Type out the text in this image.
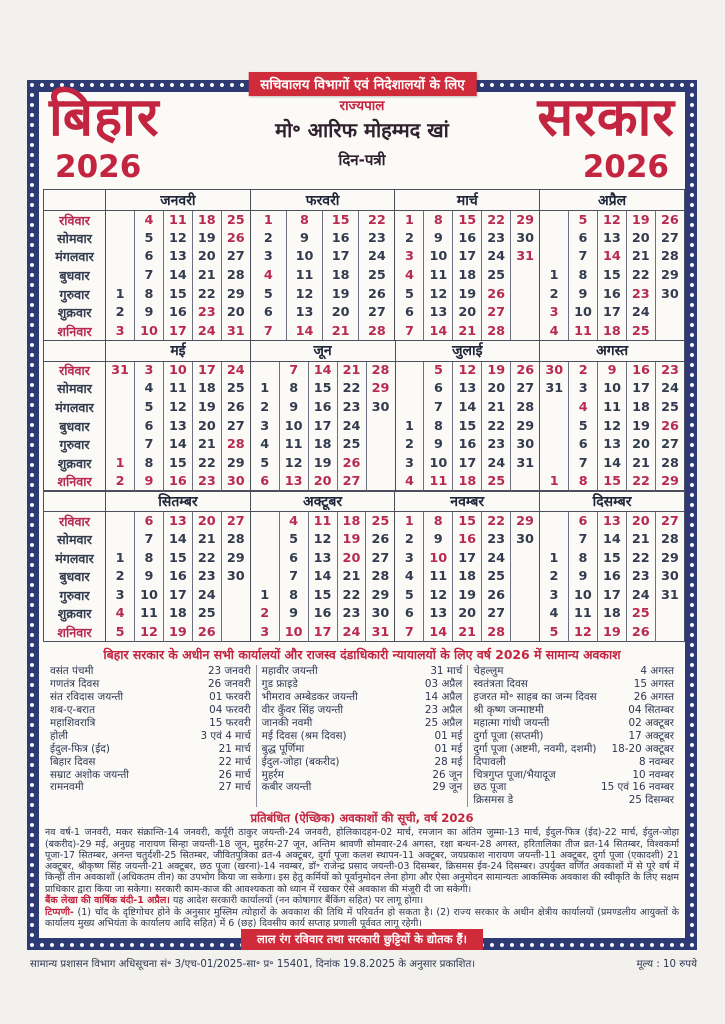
सचिवालय विभागों एवं निदेशालयों के लिए
बिहार
2026
राज्यपाल
मो॰ आरिफ मोहम्मद खां
दिन-पत्री
सरकार
2026
	जनवरी					फरवरी				मार्च					अप्रैल				
रविवार		4	11	18	25	1	8	15	22	1	8	15	22	29		5	12	19	26
सोमवार		5	12	19	26	2	9	16	23	2	9	16	23	30		6	13	20	27
मंगलवार		6	13	20	27	3	10	17	24	3	10	17	24	31		7	14	21	28
बुधवार		7	14	21	28	4	11	18	25	4	11	18	25		1	8	15	22	29
गुरुवार	1	8	15	22	29	5	12	19	26	5	12	19	26		2	9	16	23	30
शुक्रवार	2	9	16	23	20	6	13	20	27	6	13	20	27		3	10	17	24	
शनिवार	3	10	17	24	31	7	14	21	28	7	14	21	28		4	11	18	25	
	मई					जून					जुलाई					अगस्त				
रविवार	31	3	10	17	24		7	14	21	28		5	12	19	26	30	2	9	16	23
सोमवार		4	11	18	25	1	8	15	22	29		6	13	20	27	31	3	10	17	24
मंगलवार		5	12	19	26	2	9	16	23	30		7	14	21	28		4	11	18	25
बुधवार		6	13	20	27	3	10	17	24		1	8	15	22	29		5	12	19	26
गुरुवार		7	14	21	28	4	11	18	25		2	9	16	23	30		6	13	20	27
शुक्रवार	1	8	15	22	29	5	12	19	26		3	10	17	24	31		7	14	21	28
शनिवार	2	9	16	23	30	6	13	20	27		4	11	18	25		1	8	15	22	29
	सितम्बर					अक्टूबर					नवम्बर					दिसम्बर				
रविवार		6	13	20	27		4	11	18	25	1	8	15	22	29		6	13	20	27
सोमवार		7	14	21	28		5	12	19	26	2	9	16	23	30		7	14	21	28
मंगलवार	1	8	15	22	29		6	13	20	27	3	10	17	24		1	8	15	22	29
बुधवार	2	9	16	23	30		7	14	21	28	4	11	18	25		2	9	16	23	30
गुरुवार	3	10	17	24		1	8	15	22	29	5	12	19	26		3	10	17	24	31
शुक्रवार	4	11	18	25		2	9	16	23	30	6	13	20	27		4	11	18	25	
शनिवार	5	12	19	26		3	10	17	24	31	7	14	21	28		5	12	19	26	
बिहार सरकार के अधीन सभी कार्यालयों और राजस्व दंडाधिकारी न्यायालयों के लिए वर्ष 2026 में सामान्य अवकाश
वसंत पंचमी	23 जनवरी
गणतंत्र दिवस	26 जनवरी
संत रविदास जयन्ती	01 फरवरी
शब-ए-बरात	04 फरवरी
महाशिवरात्रि	15 फरवरी
होली	3 एवं 4 मार्च
ईदुल-फित्र (ईद)	21 मार्च
बिहार दिवस	22 मार्च
सम्राट अशोक जयन्ती	26 मार्च
रामनवमी	27 मार्च
महावीर जयन्ती	31 मार्च
गुड फ्राइडे	03 अप्रैल
भीमराव अम्बेडकर जयन्ती	14 अप्रैल
वीर कुँवर सिंह जयन्ती	23 अप्रैल
जानकी नवमी	25 अप्रैल
मई दिवस (श्रम दिवस)	01 मई
बुद्ध पूर्णिमा	01 मई
ईदुल-जोहा (बकरीद)	28 मई
मुहर्रम	26 जून
कबीर जयन्ती	29 जून
चेहल्लुम	4 अगस्त
स्वतंत्रता दिवस	15 अगस्त
हजरत मो॰ साहब का जन्म दिवस	26 अगस्त
श्री कृष्ण जन्माष्टमी	04 सितम्बर
महात्मा गांधी जयन्ती	02 अक्टूबर
दुर्गा पूजा (सप्तमी)	17 अक्टूबर
दुर्गा पूजा (अष्टमी, नवमी, दशमी)	18-20 अक्टूबर
दिपावली	8 नवम्बर
चित्रगुप्त पूजा/भैयादूज	10 नवम्बर
छठ पूजा	15 एवं 16 नवम्बर
क्रिसमस डे	25 दिसम्बर
प्रतिबंधित (ऐच्छिक) अवकाशों की सूची, वर्ष 2026
नव वर्ष-1 जनवरी, मकर संक्रान्ति-14 जनवरी, कर्पूरी ठाकुर जयन्ती-24 जनवरी, होलिकादहन-02 मार्च, रमजान का अंतिम जुम्मा-13 मार्च, ईदुल-फित्र (ईद)-22 मार्च, ईदुल-जोहा (बकरीद)-29 मई, अनुग्रह नारायण सिन्हा जयन्ती-18 जून, मुहर्रम-27 जून, अन्तिम श्रावणी सोमवार-24 अगस्त, रक्षा बन्धन-28 अगस्त, हरितालिका तीज व्रत-14 सितम्बर, विश्वकर्मा पूजा-17 सितम्बर, अनन्त चतुर्दशी-25 सितम्बर, जीवितपुत्रिका व्रत-4 अक्टूबर, दुर्गा पूजा कलश स्थापन-11 अक्टूबर, जयप्रकाश नारायण जयन्ती-11 अक्टूबर, दुर्गा पूजा (एकादशी) 21 अक्टूबर, श्रीकृष्ण सिंह जयन्ती-21 अक्टूबर, छठ पूजा (खरना)-14 नवम्बर, डॉ॰ राजेन्द्र प्रसाद जयन्ती-03 दिसम्बर, क्रिसमस ईव-24 दिसम्बर। उपर्युक्त वर्णित अवकाशों में से पूरे वर्ष में किन्हीं तीन अवकाशों (अधिकतम तीन) का उपभोग किया जा सकेगा। इस हेतु कर्मियों को पूर्वानुमोदन लेना होगा और ऐसा अनुमोदन सामान्यतः आकस्मिक अवकाश की स्वीकृति के लिए सक्षम प्राधिकार द्वारा किया जा सकेगा। सरकारी काम-काज की आवश्यकता को ध्यान में रखकर ऐसे अवकाश की मंजूरी दी जा सकेगी।
बैंक लेखा की वार्षिक बंदी-1 अप्रैल। यह आदेश सरकारी कार्यालयों (नन कोषागार बैंकिंग सहित) पर लागू होगा।
टिप्पणी- (1) चाँद के दृष्टिगोचर होने के अनुसार मुस्लिम त्योहारों के अवकाश की तिथि में परिवर्तन हो सकता है। (2) राज्य सरकार के अधीन क्षेत्रीय कार्यालयों (प्रमण्डलीय आयुक्तों के कार्यालय मुख्य अभियंता के कार्यालय आदि सहित) में 6 (छह) दिवसीय कार्य सप्ताह प्रणाली पूर्ववत लागू रहेगी।
लाल रंग रविवार तथा सरकारी छुट्टियों के द्योतक हैं।
सामान्य प्रशासन विभाग अधिसूचना सं॰ 3/एच-01/2025-सा॰ प्र॰ 15401, दिनांक 19.8.2025 के अनुसार प्रकाशित।	मूल्य : 10 रुपये
